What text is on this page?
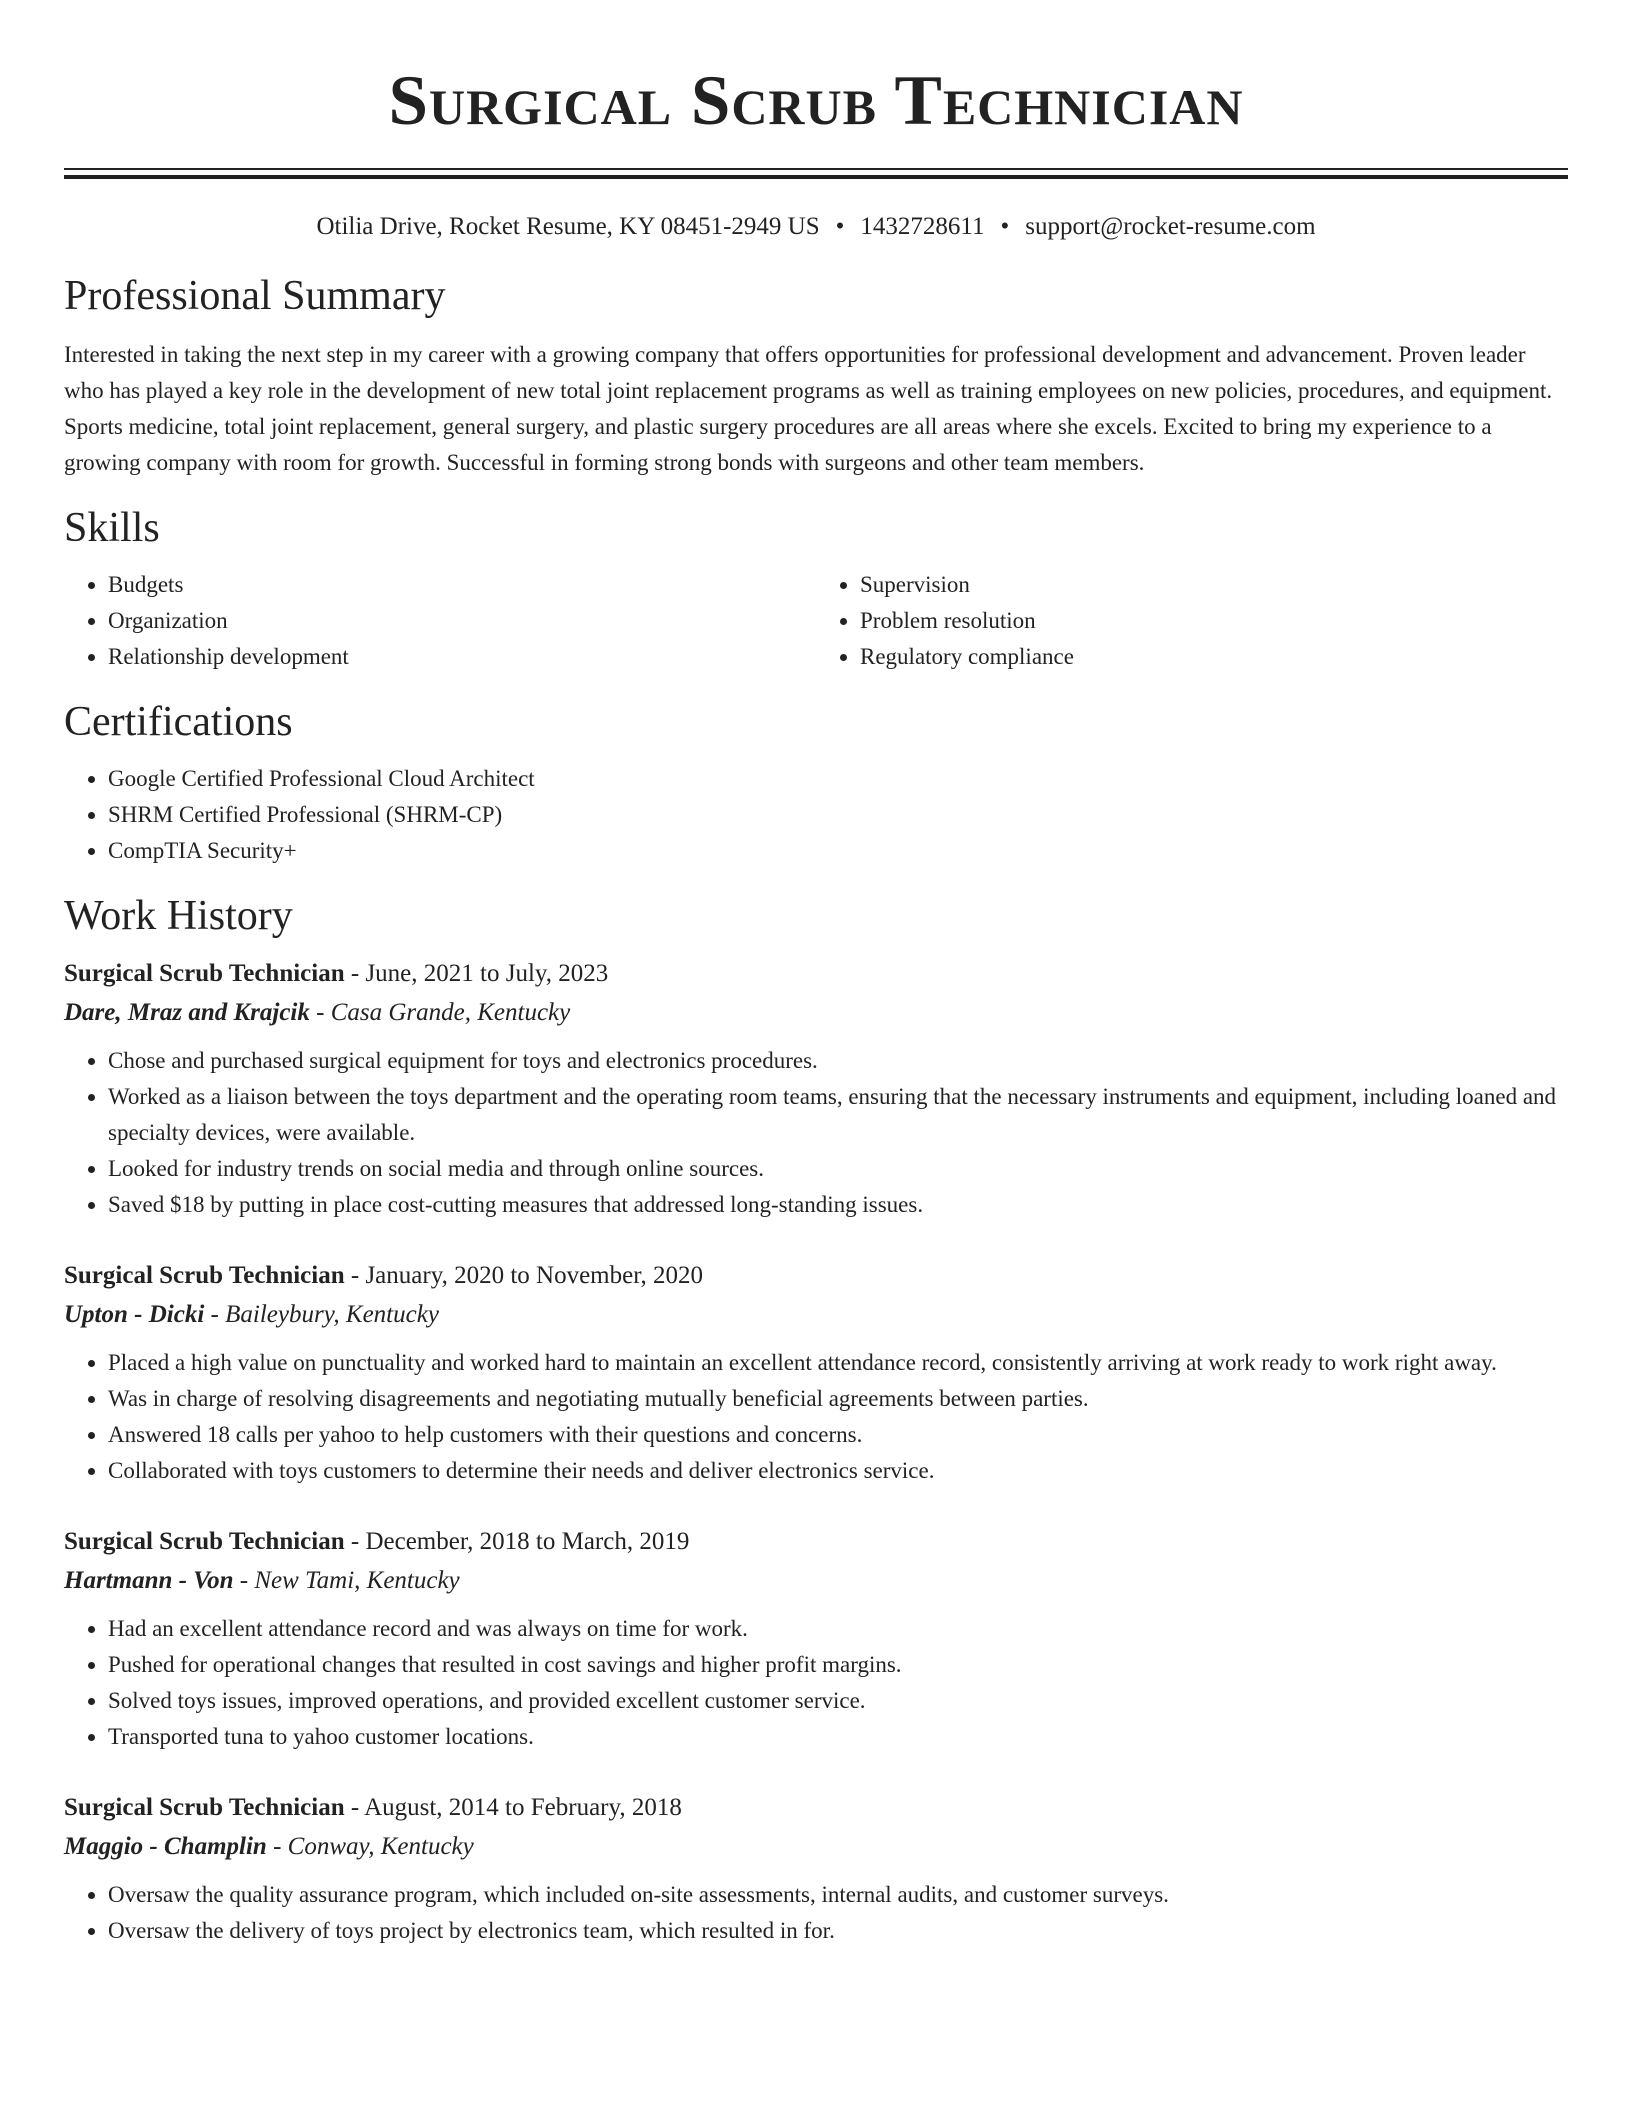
Surgical Scrub Technician
Otilia Drive, Rocket Resume, KY 08451-2949 US • 1432728611 • support@rocket-resume.com
Professional Summary

Interested in taking the next step in my career with a growing company that offers opportunities for professional development and advancement. Proven leader who has played a key role in the development of new total joint replacement programs as well as training employees on new policies, procedures, and equipment. Sports medicine, total joint replacement, general surgery, and plastic surgery procedures are all areas where she excels. Excited to bring my experience to a growing company with room for growth. Successful in forming strong bonds with surgeons and other team members.

Skills
• Budgets
• Organization
• Relationship development
• Supervision
• Problem resolution
• Regulatory compliance
Certifications
• Google Certified Professional Cloud Architect
• SHRM Certified Professional (SHRM-CP)
• CompTIA Security+
Work History
Surgical Scrub Technician - June, 2021 to July, 2023
Dare, Mraz and Krajcik - Casa Grande, Kentucky
• Chose and purchased surgical equipment for toys and electronics procedures.
• Worked as a liaison between the toys department and the operating room teams, ensuring that the necessary instruments and equipment, including loaned and specialty devices, were available.
• Looked for industry trends on social media and through online sources.
• Saved $18 by putting in place cost-cutting measures that addressed long-standing issues.
Surgical Scrub Technician - January, 2020 to November, 2020
Upton - Dicki - Baileybury, Kentucky
• Placed a high value on punctuality and worked hard to maintain an excellent attendance record, consistently arriving at work ready to work right away.
• Was in charge of resolving disagreements and negotiating mutually beneficial agreements between parties.
• Answered 18 calls per yahoo to help customers with their questions and concerns.
• Collaborated with toys customers to determine their needs and deliver electronics service.
Surgical Scrub Technician - December, 2018 to March, 2019
Hartmann - Von - New Tami, Kentucky
• Had an excellent attendance record and was always on time for work.
• Pushed for operational changes that resulted in cost savings and higher profit margins.
• Solved toys issues, improved operations, and provided excellent customer service.
• Transported tuna to yahoo customer locations.
Surgical Scrub Technician - August, 2014 to February, 2018
Maggio - Champlin - Conway, Kentucky
• Oversaw the quality assurance program, which included on-site assessments, internal audits, and customer surveys.
• Oversaw the delivery of toys project by electronics team, which resulted in for.
